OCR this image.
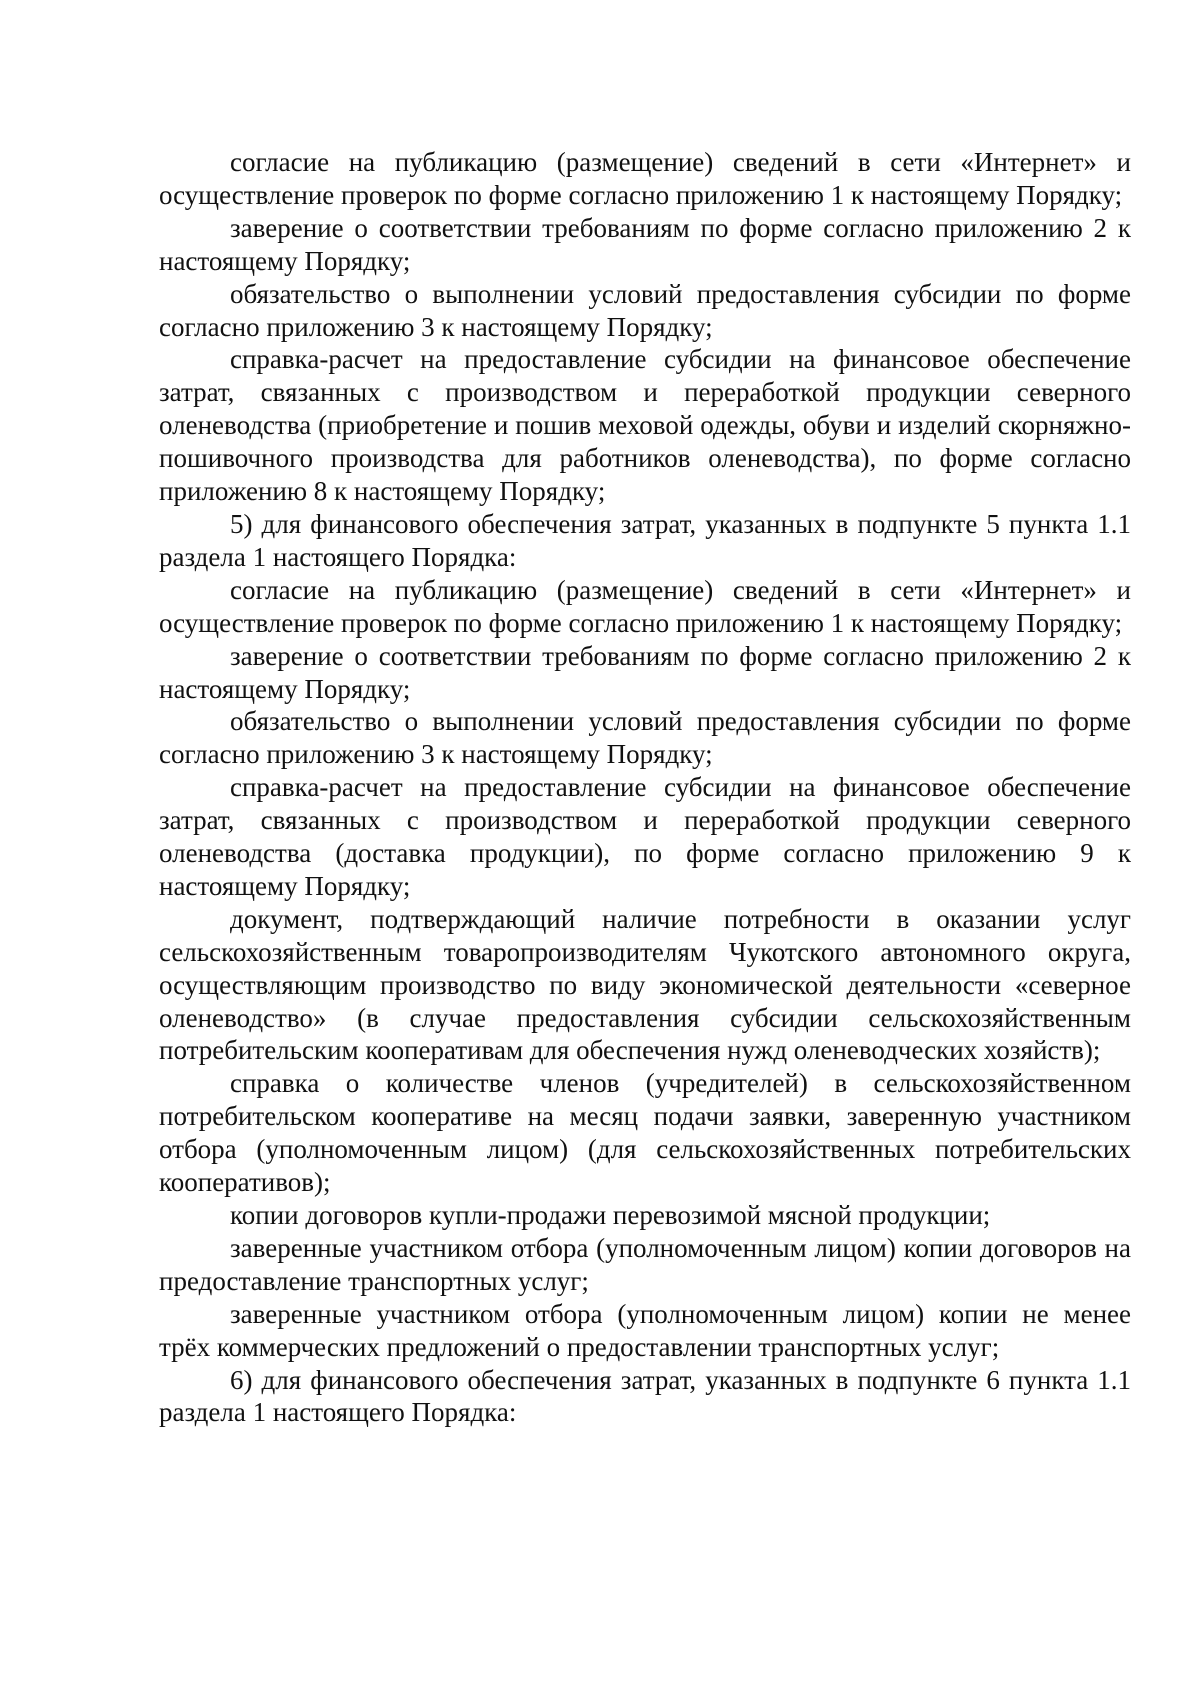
согласие на публикацию (размещение) сведений в сети «Интернет» и осуществление проверок по форме согласно приложению 1 к настоящему Порядку;

заверение о соответствии требованиям по форме согласно приложению 2 к настоящему Порядку;

обязательство о выполнении условий предоставления субсидии по форме согласно приложению 3 к настоящему Порядку;

справка-расчет на предоставление субсидии на финансовое обеспечение затрат, связанных с производством и переработкой продукции северного оленеводства (приобретение и пошив меховой одежды, обуви и изделий скорняжно-пошивочного производства для работников оленеводства), по форме согласно приложению 8 к настоящему Порядку;

5) для финансового обеспечения затрат, указанных в подпункте 5 пункта 1.1 раздела 1 настоящего Порядка:

согласие на публикацию (размещение) сведений в сети «Интернет» и осуществление проверок по форме согласно приложению 1 к настоящему Порядку;

заверение о соответствии требованиям по форме согласно приложению 2 к настоящему Порядку;

обязательство о выполнении условий предоставления субсидии по форме согласно приложению 3 к настоящему Порядку;

справка-расчет на предоставление субсидии на финансовое обеспечение затрат, связанных с производством и переработкой продукции северного оленеводства (доставка продукции), по форме согласно приложению 9 к настоящему Порядку;

документ, подтверждающий наличие потребности в оказании услуг сельскохозяйственным товаропроизводителям Чукотского автономного округа, осуществляющим производство по виду экономической деятельности «северное оленеводство» (в случае предоставления субсидии сельскохозяйственным потребительским кооперативам для обеспечения нужд оленеводческих хозяйств);

справка о количестве членов (учредителей) в сельскохозяйственном потребительском кооперативе на месяц подачи заявки, заверенную участником отбора (уполномоченным лицом) (для сельскохозяйственных потребительских кооперативов);

копии договоров купли-продажи перевозимой мясной продукции;

заверенные участником отбора (уполномоченным лицом) копии договоров на предоставление транспортных услуг;

заверенные участником отбора (уполномоченным лицом) копии не менее трёх коммерческих предложений о предоставлении транспортных услуг;

6) для финансового обеспечения затрат, указанных в подпункте 6 пункта 1.1 раздела 1 настоящего Порядка:
